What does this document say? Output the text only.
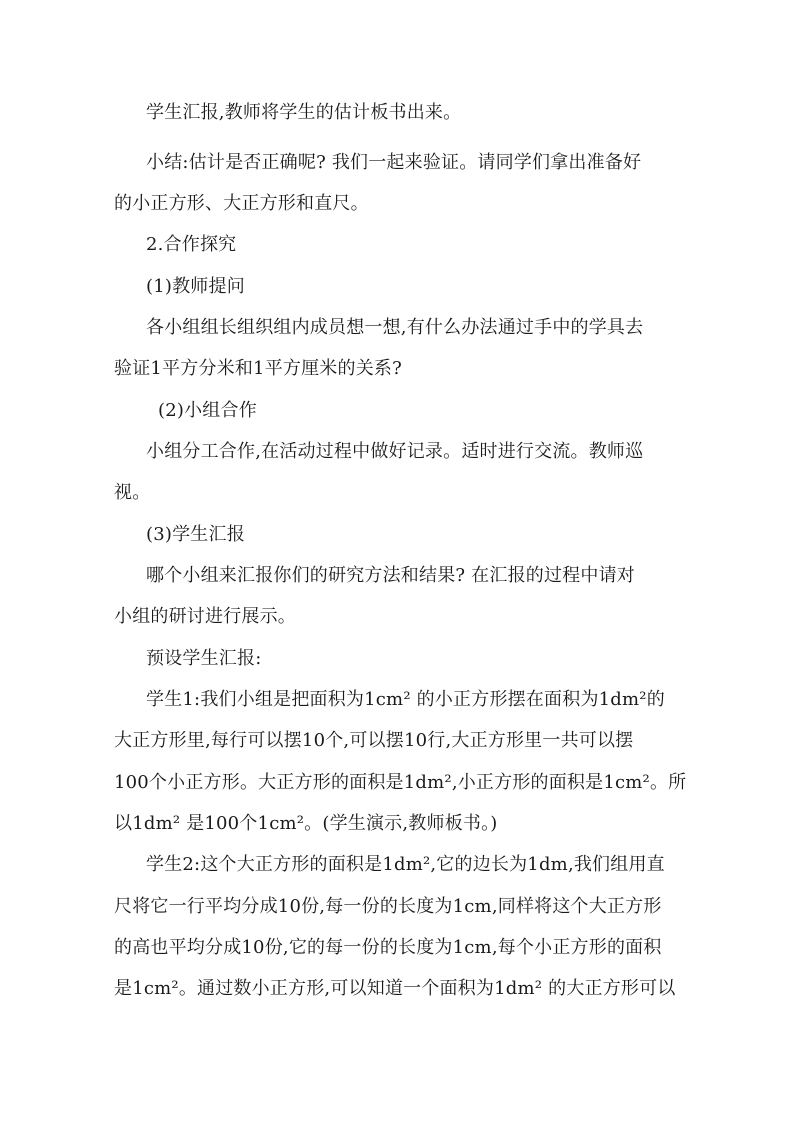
学生汇报,教师将学生的估计板书出来。
小结:估计是否正确呢? 我们一起来验证。请同学们拿出准备好
的小正方形、大正方形和直尺。
2.合作探究
(1)教师提问
各小组组长组织组内成员想一想,有什么办法通过手中的学具去
验证1平方分米和1平方厘米的关系?
(2)小组合作
小组分工合作,在活动过程中做好记录。适时进行交流。教师巡
视。
(3)学生汇报
哪个小组来汇报你们的研究方法和结果? 在汇报的过程中请对
小组的研讨进行展示。
预设学生汇报:
学生1:我们小组是把面积为1cm² 的小正方形摆在面积为1dm²的
大正方形里,每行可以摆10个,可以摆10行,大正方形里一共可以摆
100个小正方形。大正方形的面积是1dm²,小正方形的面积是1cm²。所
以1dm² 是100个1cm²。(学生演示,教师板书。)
学生2:这个大正方形的面积是1dm²,它的边长为1dm,我们组用直
尺将它一行平均分成10份,每一份的长度为1cm,同样将这个大正方形
的高也平均分成10份,它的每一份的长度为1cm,每个小正方形的面积
是1cm²。通过数小正方形,可以知道一个面积为1dm² 的大正方形可以
